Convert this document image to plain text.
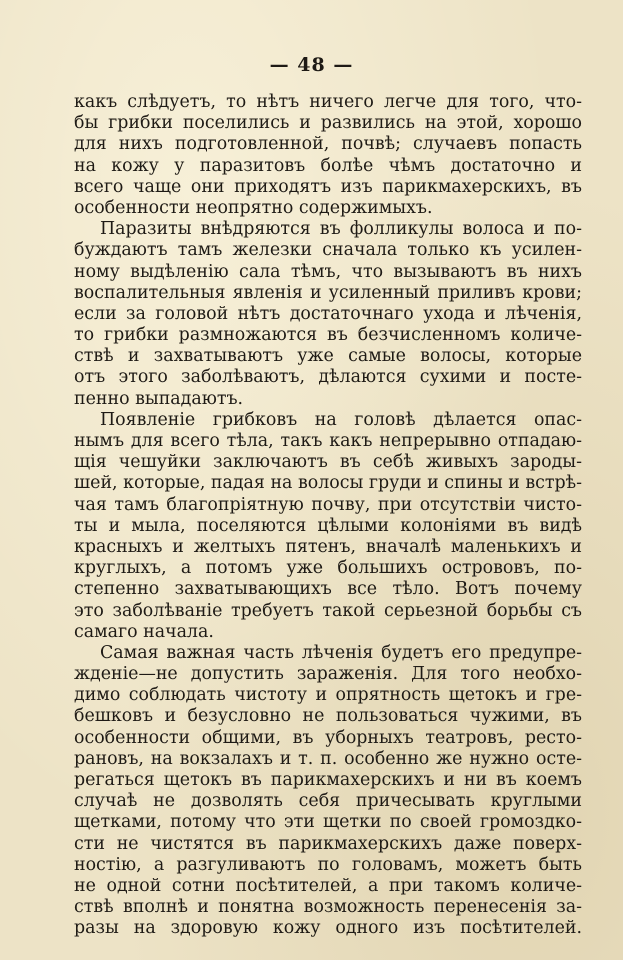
— 48 —
какъ слѣдуетъ, то нѣтъ ничего легче для того, что-
бы грибки поселились и развились на этой, хорошо
для нихъ подготовленной, почвѣ; случаевъ попасть
на кожу у паразитовъ болѣе чѣмъ достаточно и
всего чаще они приходятъ изъ парикмахерскихъ, въ
особенности неопрятно содержимыхъ.
Паразиты внѣдряются въ фолликулы волоса и по-
буждаютъ тамъ железки сначала только къ усилен-
ному выдѣленію сала тѣмъ, что вызываютъ въ нихъ
воспалительныя явленія и усиленный приливъ крови;
если за головой нѣтъ достаточнаго ухода и лѣченія,
то грибки размножаются въ безчисленномъ количе-
ствѣ и захватываютъ уже самые волосы, которые
отъ этого заболѣваютъ, дѣлаются сухими и посте-
пенно выпадаютъ.
Появленіе грибковъ на головѣ дѣлается опас-
нымъ для всего тѣла, такъ какъ непрерывно отпадаю-
щія чешуйки заключаютъ въ себѣ живыхъ зароды-
шей, которые, падая на волосы груди и спины и встрѣ-
чая тамъ благопріятную почву, при отсутствіи чисто-
ты и мыла, поселяются цѣлыми колоніями въ видѣ
красныхъ и желтыхъ пятенъ, вначалѣ маленькихъ и
круглыхъ, а потомъ уже большихъ острововъ, по-
степенно захватывающихъ все тѣло. Вотъ почему
это заболѣваніе требуетъ такой серьезной борьбы съ
самаго начала.
Самая важная часть лѣченія будетъ его предупре-
жденіе—не допустить зараженія. Для того необхо-
димо соблюдать чистоту и опрятность щетокъ и гре-
бешковъ и безусловно не пользоваться чужими, въ
особенности общими, въ уборныхъ театровъ, ресто-
рановъ, на вокзалахъ и т. п. особенно же нужно осте-
регаться щетокъ въ парикмахерскихъ и ни въ коемъ
случаѣ не дозволять себя причесывать круглыми
щетками, потому что эти щетки по своей громоздко-
сти не чистятся въ парикмахерскихъ даже поверх-
ностію, а разгуливаютъ по головамъ, можетъ быть
не одной сотни посѣтителей, а при такомъ количе-
ствѣ вполнѣ и понятна возможность перенесенія за-
разы на здоровую кожу одного изъ посѣтителей.
